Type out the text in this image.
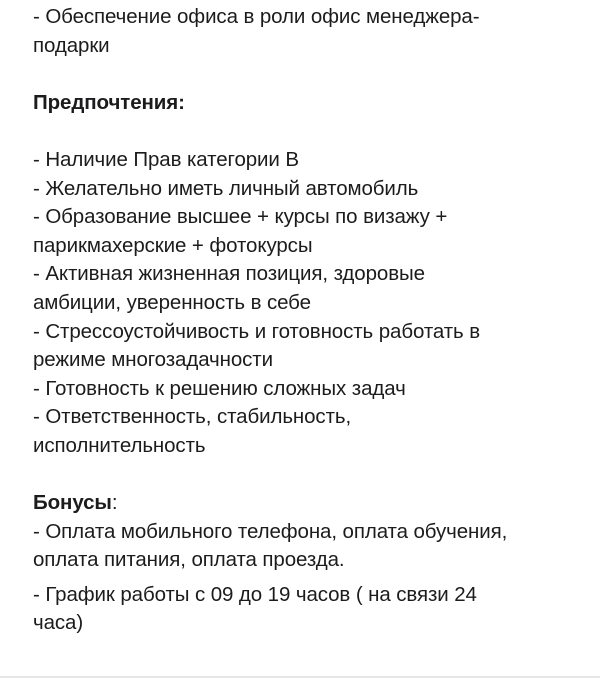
- Обеспечение офиса в роли офис менеджера-
подарки
Предпочтения:
- Наличие Прав категории В
- Желательно иметь личный автомобиль
- Образование высшее + курсы по визажу +
парикмахерские + фотокурсы
- Активная жизненная позиция, здоровые
амбиции, уверенность в себе
- Стрессоустойчивость и готовность работать в
режиме многозадачности
- Готовность к решению сложных задач
- Ответственность, стабильность,
исполнительность
Бонусы:
- Оплата мобильного телефона, оплата обучения,
оплата питания, оплата проезда.
- График работы с 09 до 19 часов ( на связи 24
часа)
